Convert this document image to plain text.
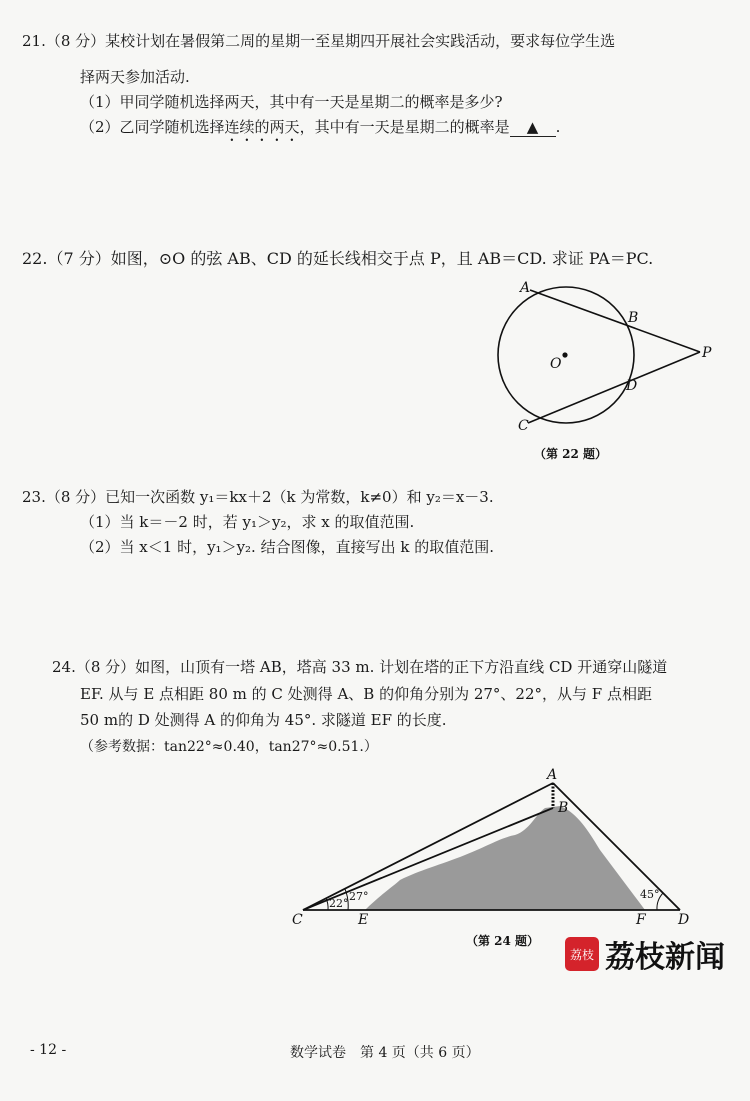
21.（8 分）某校计划在暑假第二周的星期一至星期四开展社会实践活动，要求每位学生选
择两天参加活动.
（1）甲同学随机选择两天，其中有一天是星期二的概率是多少?
（2）乙同学随机选择连续的两天，其中有一天是星期二的概率是 ▲ .
22.（7 分）如图，⊙O 的弦 AB、CD 的延长线相交于点 P，且 AB＝CD. 求证 PA＝PC.
A
B
O
P
D
C
（第 22 题）
22°
27°	45°
A
B
C	E	F D
（第 24 题）
23.（8 分）已知一次函数 y₁＝kx＋2（k 为常数，k≠0）和 y₂＝x－3.
（1）当 k＝－2 时，若 y₁＞y₂，求 x 的取值范围.
（2）当 x＜1 时，y₁＞y₂. 结合图像，直接写出 k 的取值范围.
24.（8 分）如图，山顶有一塔 AB，塔高 33 m. 计划在塔的正下方沿直线 CD 开通穿山隧道
EF. 从与 E 点相距 80 m 的 C 处测得 A、B 的仰角分别为 27°、22°，从与 F 点相距
50 m的 D 处测得 A 的仰角为 45°. 求隧道 EF 的长度.
（参考数据：tan22°≈0.40，tan27°≈0.51.）
荔枝 荔枝新闻
- 12 -	数学试卷　第 4 页（共 6 页）
